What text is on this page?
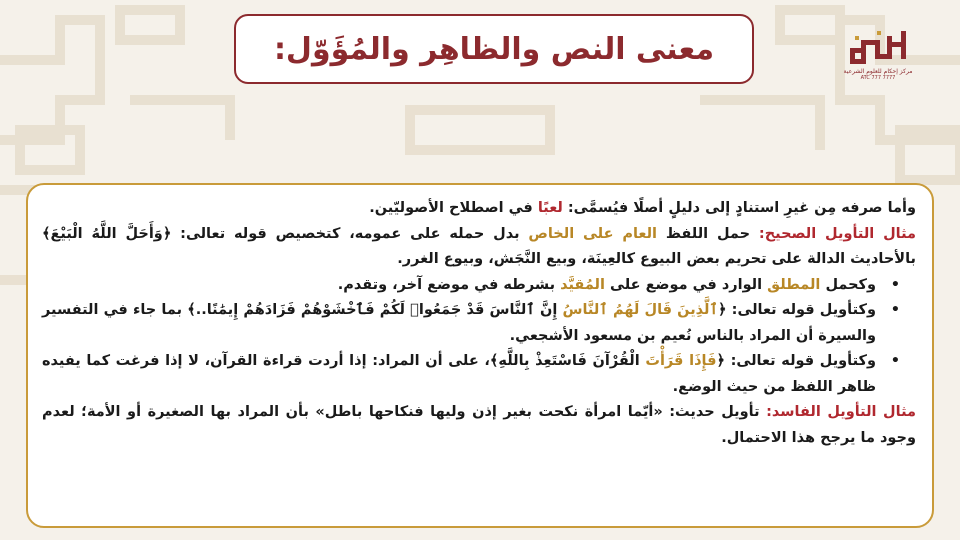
معنى النص والظاهِر والمُؤَوّل:
مركز إحكام للعلوم الشرعية
ATC 777 7777

وأما صرفه مِن غيرِ استنادٍ إلى دليلٍ أصلًا فيُسمَّى: لعبًا في اصطلاح الأصوليّين.

مثال التأويل الصحيح: حمل اللفظ العام على الخاص بدل حمله على عمومه، كتخصيص قوله تعالى: ﴿وَأَحَلَّ اللَّهُ الْبَيْعَ﴾ بالأحاديث الدالة على تحريم بعض البيوع كالعِينَة، وبيع النَّجَش، وبيوع الغرر.

• وكحمل المطلق الوارد في موضع على المُقيَّد بشرطه في موضع آخر، وتقدم.
• وكتأويل قوله تعالى: ﴿ٱلَّذِينَ قَالَ لَهُمُ ٱلنَّاسُ إِنَّ ٱلنَّاسَ قَدْ جَمَعُوا۟ لَكُمْ فَٱخْشَوْهُمْ فَزَادَهُمْ إِيمَٰنًا..﴾ بما جاء في التفسير والسيرة أن المراد بالناس نُعيم بن مسعود الأشجعي.
• وكتأويل قوله تعالى: ﴿فَإِذَا قَرَأْتَ الْقُرْآنَ فَاسْتَعِذْ بِاللَّهِ﴾، على أن المراد: إذا أردت قراءة القرآن، لا إذا فرغت كما يفيده ظاهر اللفظ من حيث الوضع.

مثال التأويل الفاسد: تأويل حديث: «أيّما امرأة نكحت بغير إذن وليها فنكاحها باطل» بأن المراد بها الصغيرة أو الأمة؛ لعدم وجود ما يرجح هذا الاحتمال.
